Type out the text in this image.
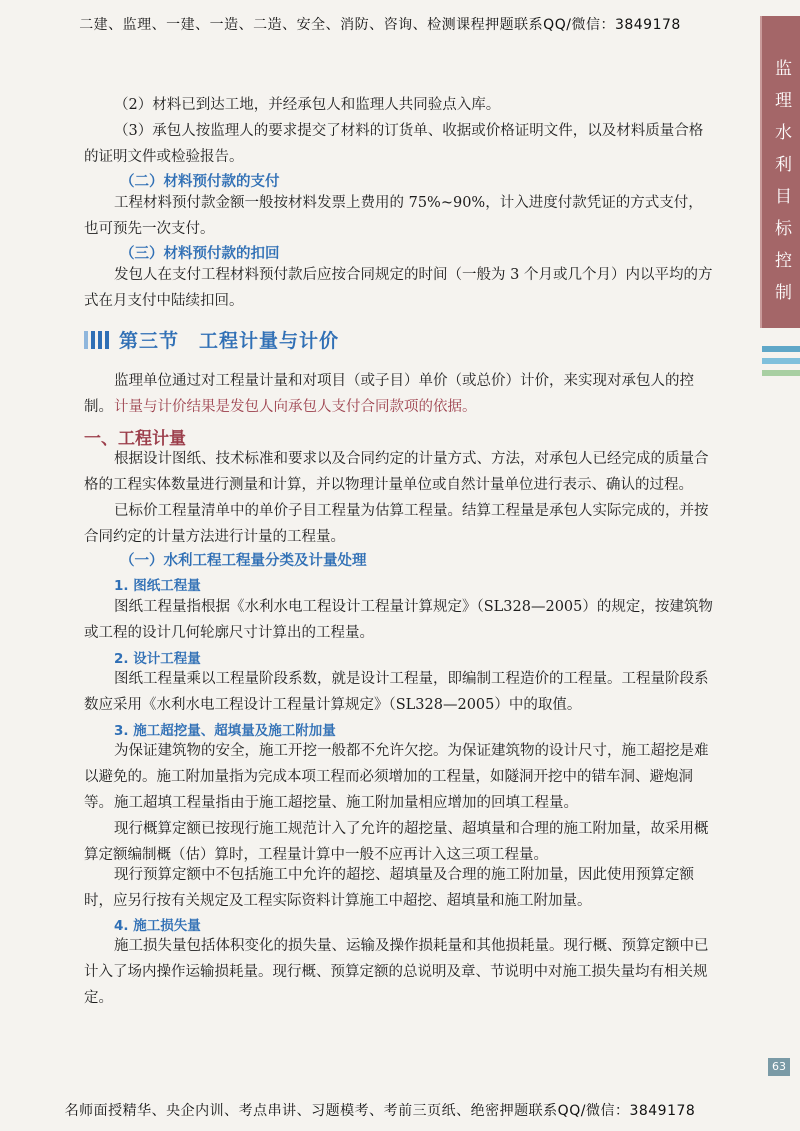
二建、监理、一建、一造、二造、安全、消防、咨询、检测课程押题联系QQ/微信：3849178
监理水利目标控制
（2）材料已到达工地，并经承包人和监理人共同验点入库。
（3）承包人按监理人的要求提交了材料的订货单、收据或价格证明文件，以及材料质量合格的证明文件或检验报告。
（二）材料预付款的支付
工程材料预付款金额一般按材料发票上费用的 75%~90%，计入进度付款凭证的方式支付，也可预先一次支付。
（三）材料预付款的扣回
发包人在支付工程材料预付款后应按合同规定的时间（一般为 3 个月或几个月）内以平均的方式在月支付中陆续扣回。
第三节　工程计量与计价
监理单位通过对工程量计量和对项目（或子目）单价（或总价）计价，来实现对承包人的控制。 计量与计价结果是发包人向承包人支付合同款项的依据。
一、工程计量
根据设计图纸、技术标准和要求以及合同约定的计量方式、方法，对承包人已经完成的质量合格的工程实体数量进行测量和计算，并以物理计量单位或自然计量单位进行表示、确认的过程。
已标价工程量清单中的单价子目工程量为估算工程量。结算工程量是承包人实际完成的，并按合同约定的计量方法进行计量的工程量。
（一）水利工程工程量分类及计量处理
1. 图纸工程量
图纸工程量指根据《水利水电工程设计工程量计算规定》（SL328—2005）的规定，按建筑物或工程的设计几何轮廓尺寸计算出的工程量。
2. 设计工程量
图纸工程量乘以工程量阶段系数，就是设计工程量，即编制工程造价的工程量。工程量阶段系数应采用《水利水电工程设计工程量计算规定》（SL328—2005）中的取值。
3. 施工超挖量、超填量及施工附加量
为保证建筑物的安全，施工开挖一般都不允许欠挖。为保证建筑物的设计尺寸，施工超挖是难以避免的。施工附加量指为完成本项工程而必须增加的工程量，如隧洞开挖中的错车洞、避炮洞等。 施工超填工程量指由于施工超挖量、施工附加量相应增加的回填工程量。
现行概算定额已按现行施工规范计入了允许的超挖量、超填量和合理的施工附加量，故采用概算定额编制概（估）算时，工程量计算中一般不应再计入这三项工程量。
现行预算定额中不包括施工中允许的超挖、超填量及合理的施工附加量，因此使用预算定额时，应另行按有关规定及工程实际资料计算施工中超挖、超填量和施工附加量。
4. 施工损失量
施工损失量包括体积变化的损失量、运输及操作损耗量和其他损耗量。现行概、预算定额中已计入了场内操作运输损耗量。现行概、预算定额的总说明及章、节说明中对施工损失量均有相关规定。
63
名师面授精华、央企内训、考点串讲、习题模考、考前三页纸、绝密押题联系QQ/微信：3849178
